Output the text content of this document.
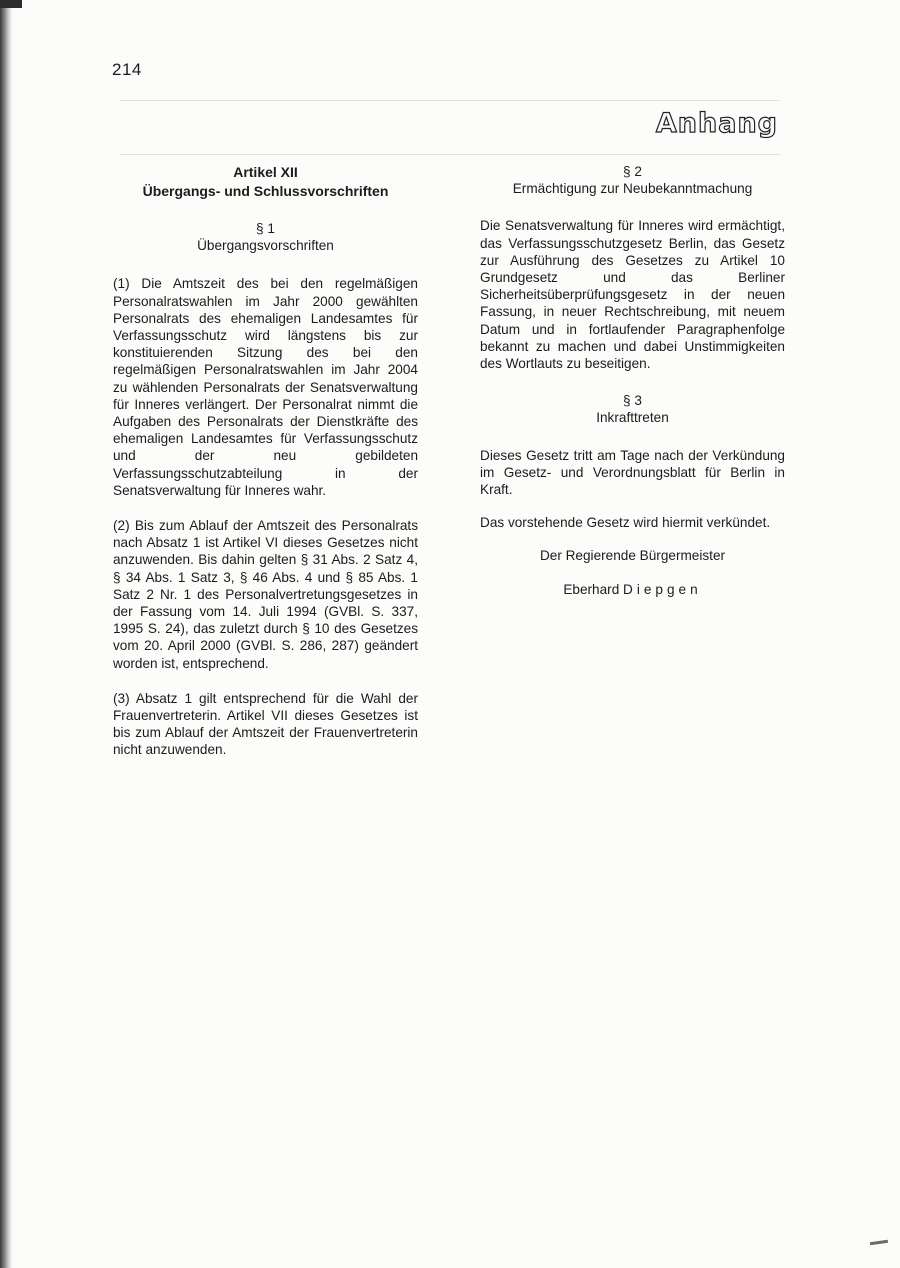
214
Anhang
Artikel XII
Übergangs- und Schlussvorschriften
§ 1
Übergangsvorschriften

(1) Die Amtszeit des bei den regelmäßigen Personalratswahlen im Jahr 2000 gewählten Personalrats des ehemaligen Landesamtes für Verfassungsschutz wird längstens bis zur konstituierenden Sitzung des bei den regelmäßigen Personalratswahlen im Jahr 2004 zu wählenden Personalrats der Senatsverwaltung für Inneres verlängert. Der Personalrat nimmt die Aufgaben des Personalrats der Dienstkräfte des ehemaligen Landesamtes für Verfassungsschutz und der neu gebildeten Verfassungsschutzabteilung in der Senatsverwaltung für Inneres wahr.

(2) Bis zum Ablauf der Amtszeit des Personalrats nach Absatz 1 ist Artikel VI dieses Gesetzes nicht anzuwenden. Bis dahin gelten § 31 Abs. 2 Satz 4, § 34 Abs. 1 Satz 3, § 46 Abs. 4 und § 85 Abs. 1 Satz 2 Nr. 1 des Personalvertretungsgesetzes in der Fassung vom 14. Juli 1994 (GVBl. S. 337, 1995 S. 24), das zuletzt durch § 10 des Gesetzes vom 20. April 2000 (GVBl. S. 286, 287) geändert worden ist, entsprechend.

(3) Absatz 1 gilt entsprechend für die Wahl der Frauenvertreterin. Artikel VII dieses Gesetzes ist bis zum Ablauf der Amtszeit der Frauenvertreterin nicht anzuwenden.

§ 2
Ermächtigung zur Neubekanntmachung

Die Senatsverwaltung für Inneres wird ermächtigt, das Verfassungsschutzgesetz Berlin, das Gesetz zur Ausführung des Gesetzes zu Artikel 10 Grundgesetz und das Berliner Sicherheitsüberprüfungsgesetz in der neuen Fassung, in neuer Rechtschreibung, mit neuem Datum und in fortlaufender Paragraphenfolge bekannt zu machen und dabei Unstimmigkeiten des Wortlauts zu beseitigen.

§ 3
Inkrafttreten

Dieses Gesetz tritt am Tage nach der Verkündung im Gesetz- und Verordnungsblatt für Berlin in Kraft.

Das vorstehende Gesetz wird hiermit verkündet.

Der Regierende Bürgermeister
Eberhard Diepgen
